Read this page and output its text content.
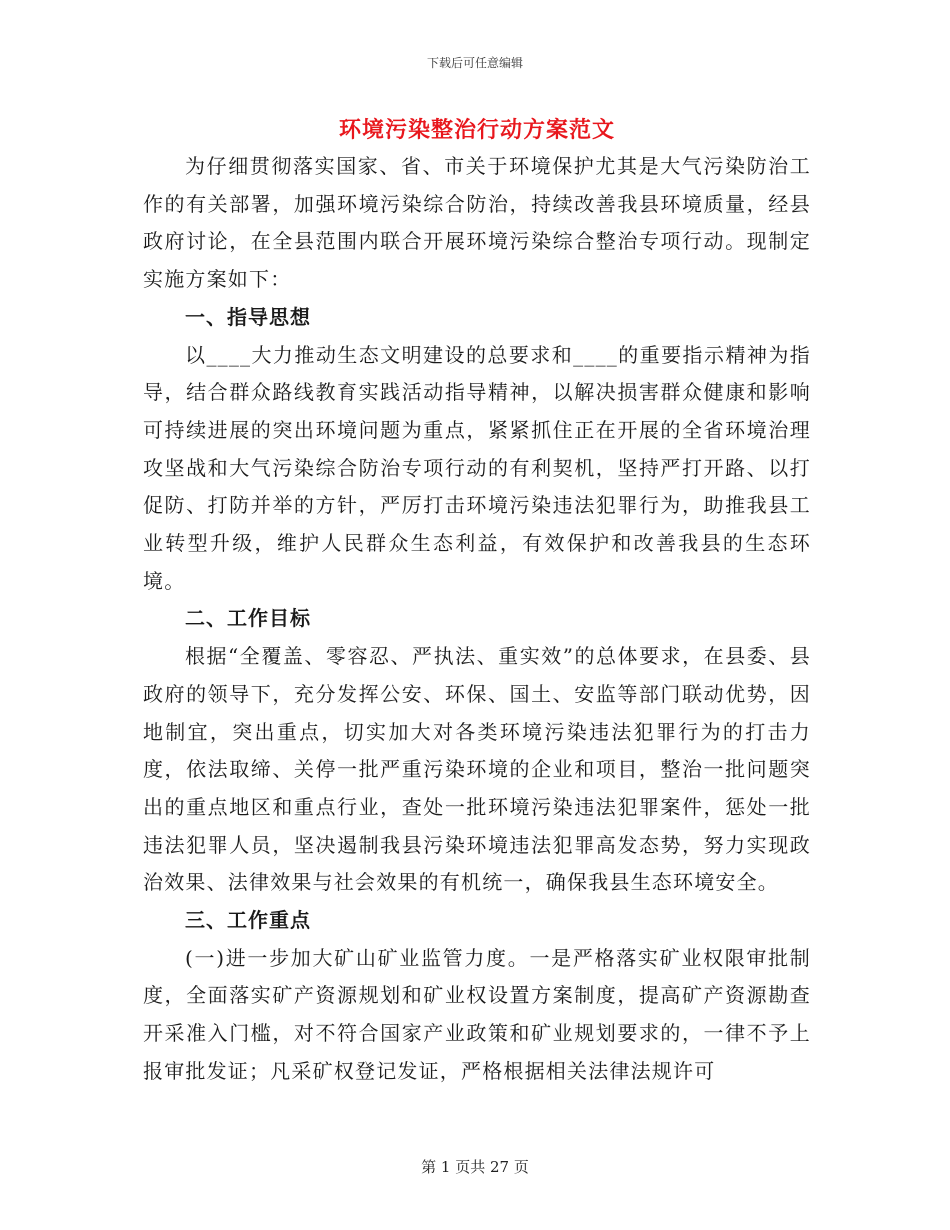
下载后可任意编辑
环境污染整治行动方案范文

为仔细贯彻落实国家、省、市关于环境保护尤其是大气污染防治工作的有关部署，加强环境污染综合防治，持续改善我县环境质量，经县政府讨论，在全县范围内联合开展环境污染综合整治专项行动。现制定实施方案如下：

一、指导思想

以____大力推动生态文明建设的总要求和____的重要指示精神为指导，结合群众路线教育实践活动指导精神，以解决损害群众健康和影响可持续进展的突出环境问题为重点，紧紧抓住正在开展的全省环境治理攻坚战和大气污染综合防治专项行动的有利契机，坚持严打开路、以打促防、打防并举的方针，严厉打击环境污染违法犯罪行为，助推我县工业转型升级，维护人民群众生态利益，有效保护和改善我县的生态环境。

二、工作目标

根据“全覆盖、零容忍、严执法、重实效”的总体要求，在县委、县政府的领导下，充分发挥公安、环保、国土、安监等部门联动优势，因地制宜，突出重点，切实加大对各类环境污染违法犯罪行为的打击力度，依法取缔、关停一批严重污染环境的企业和项目，整治一批问题突出的重点地区和重点行业，查处一批环境污染违法犯罪案件，惩处一批违法犯罪人员，坚决遏制我县污染环境违法犯罪高发态势，努力实现政治效果、法律效果与社会效果的有机统一，确保我县生态环境安全。

三、工作重点

(一)进一步加大矿山矿业监管力度。一是严格落实矿业权限审批制度，全面落实矿产资源规划和矿业权设置方案制度，提高矿产资源勘查开采准入门槛，对不符合国家产业政策和矿业规划要求的，一律不予上报审批发证；凡采矿权登记发证，严格根据相关法律法规许可

第 1 页共 27 页
